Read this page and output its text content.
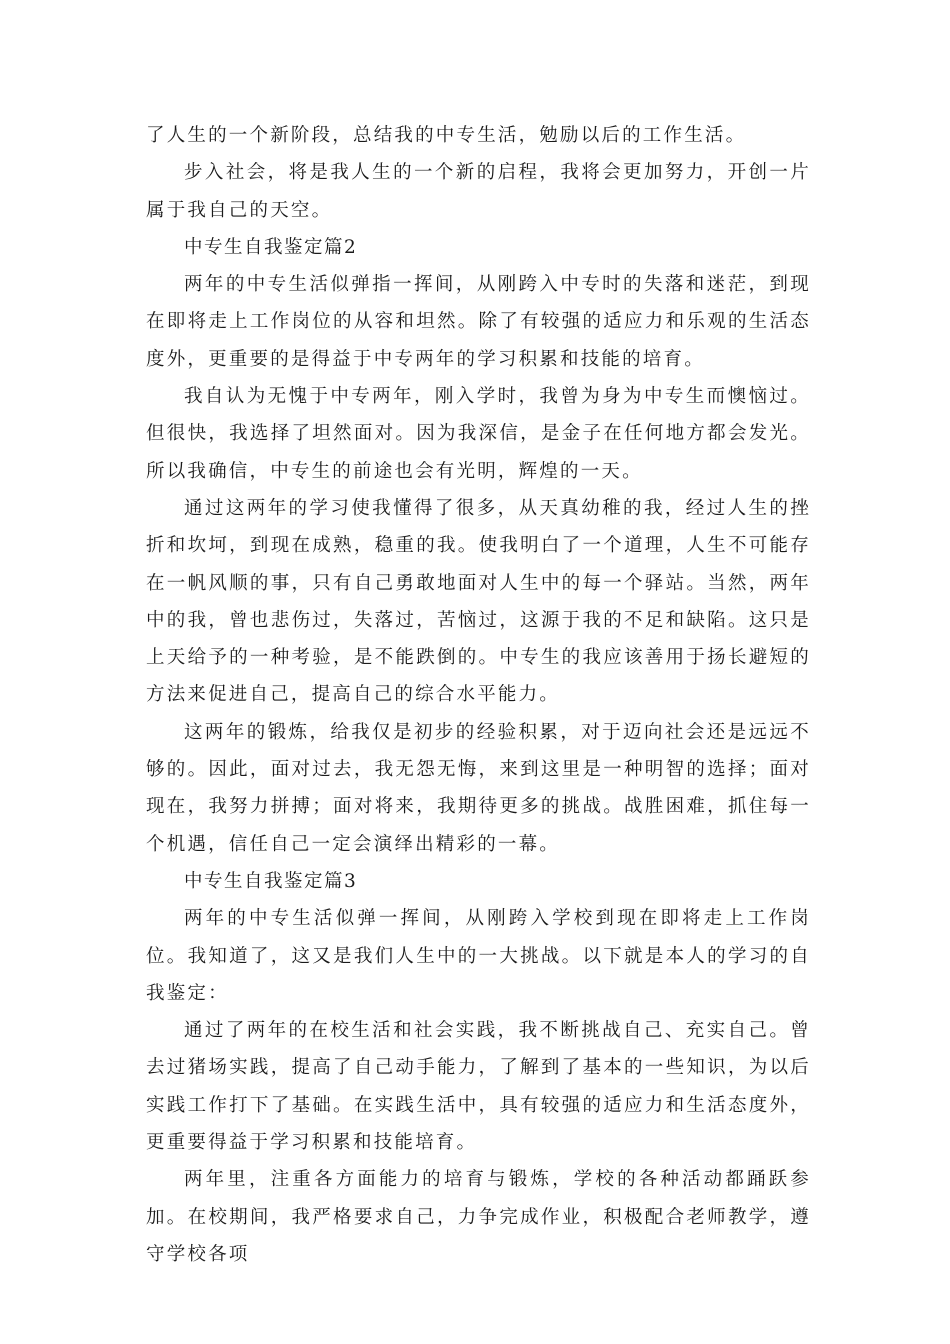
了人生的一个新阶段，总结我的中专生活，勉励以后的工作生活。

步入社会，将是我人生的一个新的启程，我将会更加努力，开创一片属于我自己的天空。

中专生自我鉴定篇2

两年的中专生活似弹指一挥间，从刚跨入中专时的失落和迷茫，到现在即将走上工作岗位的从容和坦然。除了有较强的适应力和乐观的生活态度外，更重要的是得益于中专两年的学习积累和技能的培育。

我自认为无愧于中专两年，刚入学时，我曾为身为中专生而懊恼过。但很快，我选择了坦然面对。因为我深信，是金子在任何地方都会发光。所以我确信，中专生的前途也会有光明，辉煌的一天。

通过这两年的学习使我懂得了很多，从天真幼稚的我，经过人生的挫折和坎坷，到现在成熟，稳重的我。使我明白了一个道理，人生不可能存在一帆风顺的事，只有自己勇敢地面对人生中的每一个驿站。当然，两年中的我，曾也悲伤过，失落过，苦恼过，这源于我的不足和缺陷。这只是上天给予的一种考验，是不能跌倒的。中专生的我应该善用于扬长避短的方法来促进自己，提高自己的综合水平能力。

这两年的锻炼，给我仅是初步的经验积累，对于迈向社会还是远远不够的。因此，面对过去，我无怨无悔，来到这里是一种明智的选择；面对现在，我努力拼搏；面对将来，我期待更多的挑战。战胜困难，抓住每一个机遇，信任自己一定会演绎出精彩的一幕。

中专生自我鉴定篇3

两年的中专生活似弹一挥间，从刚跨入学校到现在即将走上工作岗位。我知道了，这又是我们人生中的一大挑战。以下就是本人的学习的自我鉴定：

通过了两年的在校生活和社会实践，我不断挑战自己、充实自己。曾去过猪场实践，提高了自己动手能力，了解到了基本的一些知识，为以后实践工作打下了基础。在实践生活中，具有较强的适应力和生活态度外，更重要得益于学习积累和技能培育。

两年里，注重各方面能力的培育与锻炼，学校的各种活动都踊跃参加。在校期间，我严格要求自己，力争完成作业，积极配合老师教学，遵守学校各项
